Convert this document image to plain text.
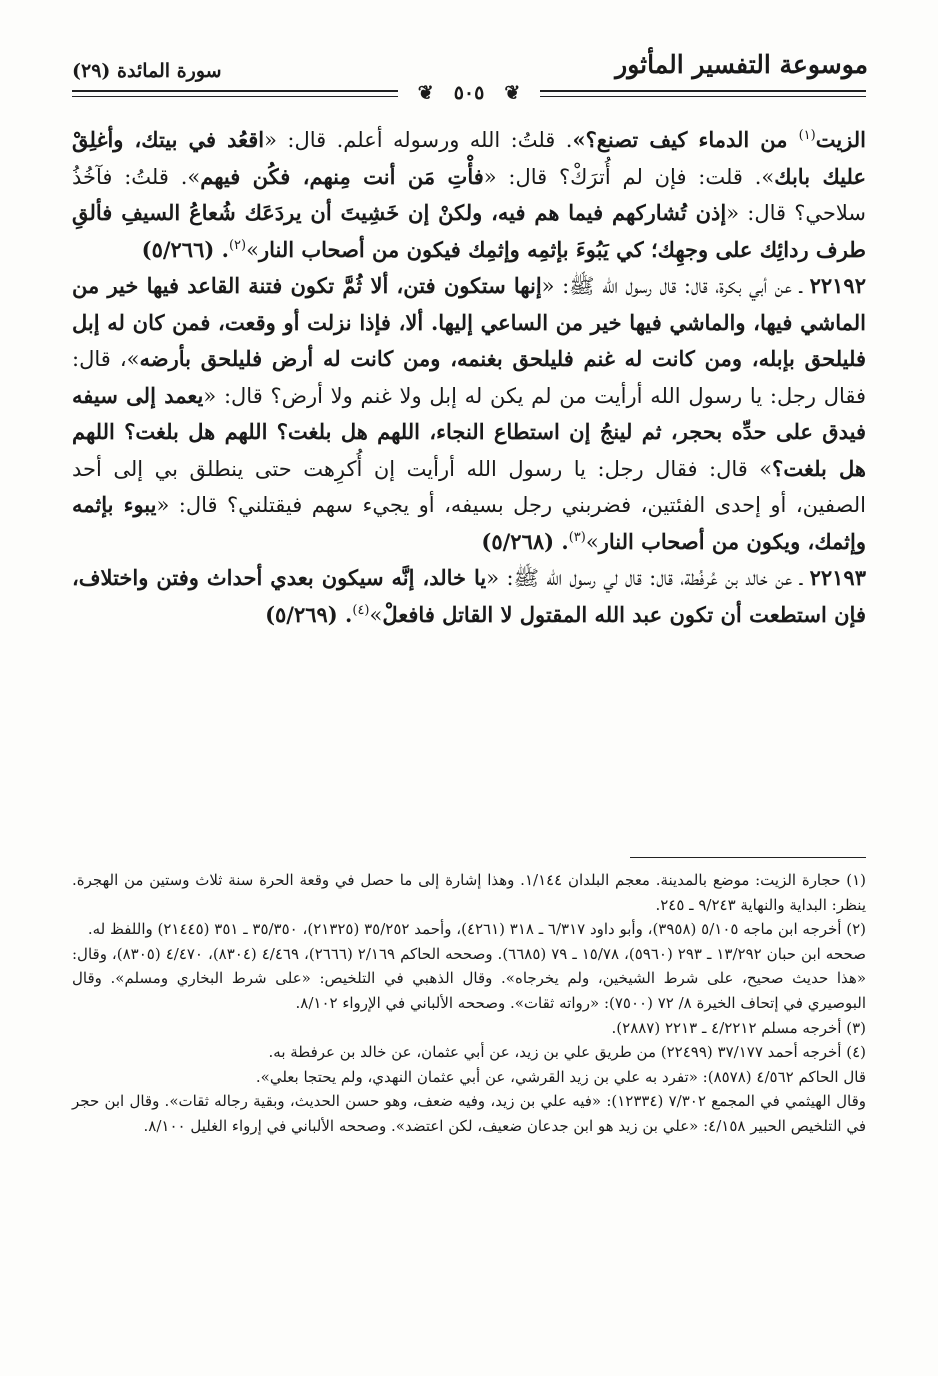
موسوعة التفسير المأثور
سورة المائدة (٢٩)
❦٥٠٥❦

الزيت$^{(١)}$ من الدماء كيف تصنع؟». قلتُ: الله ورسوله أعلم. قال: «اقعُد في بيتك، وأغلِقْ عليك بابك». قلت: فإن لم أُترَكْ؟ قال: «فأْتِ مَن أنت مِنهم، فكُن فيهم». قلتُ: فآخُذُ سلاحي؟ قال: «إذن تُشاركهم فيما هم فيه، ولكنْ إن خَشِيتَ أن يردَعَك شُعاعُ السيفِ فألقِ طرف ردائِك على وجهِك؛ كي يَبُوءَ بإثمِه وإثمِك فيكون من أصحاب النار»$^{(٢)}$. (٥/٢٦٦)

٢٢١٩٢ ـ عن أبي بكرة، قال: قال رسول الله ﷺ: «إنها ستكون فتن، ألا ثُمَّ تكون فتنة القاعد فيها خير من الماشي فيها، والماشي فيها خير من الساعي إليها. ألا، فإذا نزلت أو وقعت، فمن كان له إبل فليلحق بإبله، ومن كانت له غنم فليلحق بغنمه، ومن كانت له أرض فليلحق بأرضه»، قال: فقال رجل: يا رسول الله أرأيت من لم يكن له إبل ولا غنم ولا أرض؟ قال: «يعمد إلى سيفه فيدق على حدِّه بحجر، ثم لينجُ إن استطاع النجاء، اللهم هل بلغت؟ اللهم هل بلغت؟ اللهم هل بلغت؟» قال: فقال رجل: يا رسول الله أرأيت إن أُكرِهت حتى ينطلق بي إلى أحد الصفين، أو إحدى الفئتين، فضربني رجل بسيفه، أو يجيء سهم فيقتلني؟ قال: «يبوء بإثمه وإثمك، ويكون من أصحاب النار»$^{(٣)}$. (٥/٢٦٨)

٢٢١٩٣ ـ عن خالد بن عُرفُطة، قال: قال لي رسول الله ﷺ: «يا خالد، إنَّه سيكون بعدي أحداث وفتن واختلاف، فإن استطعت أن تكون عبد الله المقتول لا القاتل فافعلْ»$^{(٤)}$. (٥/٢٦٩)

(١) حجارة الزيت: موضع بالمدينة. معجم البلدان ١/١٤٤. وهذا إشارة إلى ما حصل في وقعة الحرة سنة ثلاث وستين من الهجرة. ينظر: البداية والنهاية ٩/٢٤٣ ـ ٢٤٥.

(٢) أخرجه ابن ماجه ٥/١٠٥ (٣٩٥٨)، وأبو داود ٦/٣١٧ ـ ٣١٨ (٤٢٦١)، وأحمد ٣٥/٢٥٢ (٢١٣٢٥)، ٣٥/٣٥٠ ـ ٣٥١ (٢١٤٤٥) واللفظ له.

صححه ابن حبان ١٣/٢٩٢ ـ ٢٩٣ (٥٩٦٠)، ١٥/٧٨ ـ ٧٩ (٦٦٨٥). وصححه الحاكم ٢/١٦٩ (٢٦٦٦)، ٤/٤٦٩ (٨٣٠٤)، ٤/٤٧٠ (٨٣٠٥)، وقال: «هذا حديث صحيح، على شرط الشيخين، ولم يخرجاه». وقال الذهبي في التلخيص: «على شرط البخاري ومسلم». وقال البوصيري في إتحاف الخيرة ٨/ ٧٢ (٧٥٠٠): «رواته ثقات». وصححه الألباني في الإرواء ٨/١٠٢.

(٣) أخرجه مسلم ٤/٢٢١٢ ـ ٢٢١٣ (٢٨٨٧).

(٤) أخرجه أحمد ٣٧/١٧٧ (٢٢٤٩٩) من طريق علي بن زيد، عن أبي عثمان، عن خالد بن عرفطة به.

قال الحاكم ٤/٥٦٢ (٨٥٧٨): «تفرد به علي بن زيد القرشي، عن أبي عثمان النهدي، ولم يحتجا بعلي».

وقال الهيثمي في المجمع ٧/٣٠٢ (١٢٣٣٤): «فيه علي بن زيد، وفيه ضعف، وهو حسن الحديث، وبقية رجاله ثقات». وقال ابن حجر في التلخيص الحبير ٤/١٥٨: «علي بن زيد هو ابن جدعان ضعيف، لكن اعتضد». وصححه الألباني في إرواء الغليل ٨/١٠٠.
